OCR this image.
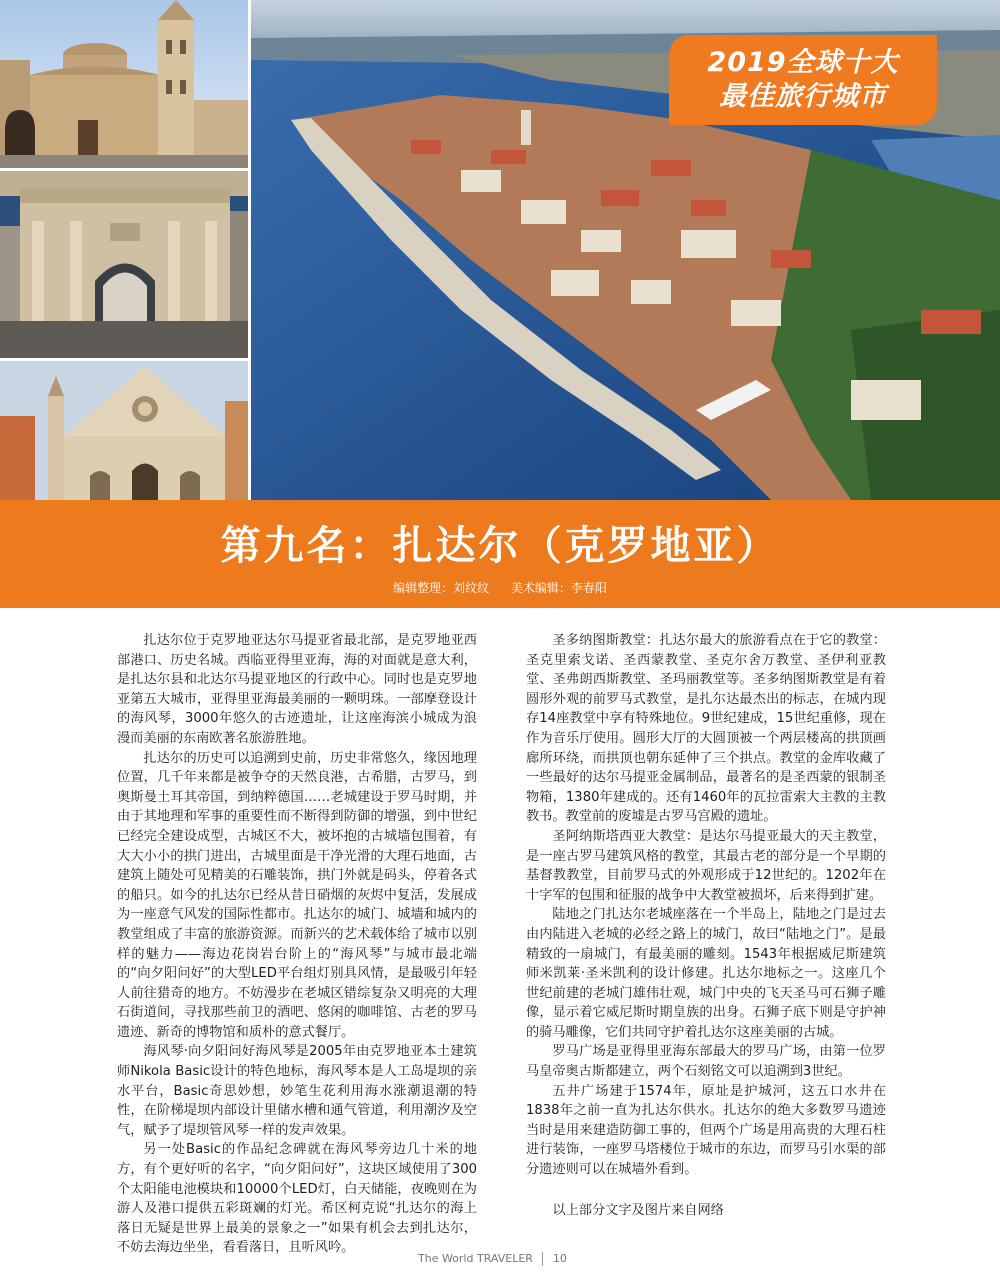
2019全球十大
最佳旅行城市
第九名：扎达尔（克罗地亚）
编辑整理：刘纹纹 美术编辑：李春阳

扎达尔位于克罗地亚达尔马提亚省最北部，是克罗地亚西部港口、历史名城。西临亚得里亚海，海的对面就是意大利，是扎达尔县和北达尔马提亚地区的行政中心。同时也是克罗地亚第五大城市，亚得里亚海最美丽的一颗明珠。一部摩登设计的海风琴，3000年悠久的古迹遗址，让这座海滨小城成为浪漫而美丽的东南欧著名旅游胜地。

扎达尔的历史可以追溯到史前，历史非常悠久，缘因地理位置，几千年来都是被争夺的天然良港，古希腊，古罗马，到奥斯曼土耳其帝国，到纳粹德国……老城建设于罗马时期，并由于其地理和军事的重要性而不断得到防御的增强，到中世纪已经完全建设成型，古城区不大，被坏抱的古城墙包围着，有大大小小的拱门进出，古城里面是干净光滑的大理石地面，古建筑上随处可见精美的石雕装饰，拱门外就是码头，停着各式的船只。如今的扎达尔已经从昔日硝烟的灰烬中复活，发展成为一座意气风发的国际性都市。扎达尔的城门、城墙和城内的教堂组成了丰富的旅游资源。而新兴的艺术载体给了城市以别样的魅力——海边花岗岩台阶上的“海风琴”与城市最北端的“向夕阳问好”的大型LED平台组灯别具风情，是最吸引年轻人前往猎奇的地方。不妨漫步在老城区错综复杂又明亮的大理石街道间，寻找那些前卫的酒吧、悠闲的咖啡馆、古老的罗马遗迹、新奇的博物馆和质朴的意式餐厅。

海风琴·向夕阳问好海风琴是2005年由克罗地亚本土建筑师Nikola Basic设计的特色地标，海风琴本是人工岛堤坝的亲水平台，Basic奇思妙想，妙笔生花利用海水涨潮退潮的特性，在阶梯堤坝内部设计里储水槽和通气管道，利用潮汐及空气，赋予了堤坝管风琴一样的发声效果。

另一处Basic的作品纪念碑就在海风琴旁边几十米的地方，有个更好听的名字，“向夕阳问好”，这块区域使用了300个太阳能电池模块和10000个LED灯，白天储能，夜晚则在为游人及港口提供五彩斑斓的灯光。希区柯克说“扎达尔的海上落日无疑是世界上最美的景象之一”如果有机会去到扎达尔，不妨去海边坐坐，看看落日，且听风吟。

圣多纳图斯教堂：扎达尔最大的旅游看点在于它的教堂：圣克里索戈诺、圣西蒙教堂、圣克尔舍万教堂、圣伊利亚教堂、圣弗朗西斯教堂、圣玛丽教堂等。圣多纳图斯教堂是有着圆形外观的前罗马式教堂，是扎尔达最杰出的标志，在城内现存14座教堂中享有特殊地位。9世纪建成，15世纪重修，现在作为音乐厅使用。圆形大厅的大圆顶被一个两层楼高的拱顶画廊所环绕，而拱顶也朝东延伸了三个拱点。教堂的金库收藏了一些最好的达尔马提亚金属制品，最著名的是圣西蒙的银制圣物箱，1380年建成的。还有1460年的瓦拉雷索大主教的主教教书。教堂前的废墟是古罗马宫殿的遗址。

圣阿纳斯塔西亚大教堂：是达尔马提亚最大的天主教堂，是一座古罗马建筑风格的教堂，其最古老的部分是一个早期的基督教教堂，目前罗马式的外观形成于12世纪的。1202年在十字军的包围和征服的战争中大教堂被损坏，后来得到扩建。

陆地之门扎达尔老城座落在一个半岛上，陆地之门是过去由内陆进入老城的必经之路上的城门，故曰“陆地之门”。是最精致的一扇城门，有最美丽的雕刻。1543年根据威尼斯建筑师米凯莱·圣米凯利的设计修建。扎达尔地标之一。这座几个世纪前建的老城门雄伟壮观，城门中央的飞天圣马可石狮子雕像，显示着它威尼斯时期皇族的出身。石狮子底下则是守护神的骑马雕像，它们共同守护着扎达尔这座美丽的古城。

罗马广场是亚得里亚海东部最大的罗马广场，由第一位罗马皇帝奥古斯都建立，两个石刻铭文可以追溯到3世纪。

五井广场建于1574年，原址是护城河，这五口水井在1838年之前一直为扎达尔供水。扎达尔的绝大多数罗马遗迹当时是用来建造防御工事的，但两个广场是用高贵的大理石柱进行装饰，一座罗马塔楼位于城市的东边，而罗马引水渠的部分遗迹则可以在城墙外看到。

以上部分文字及图片来自网络

The World TRAVELER 10
